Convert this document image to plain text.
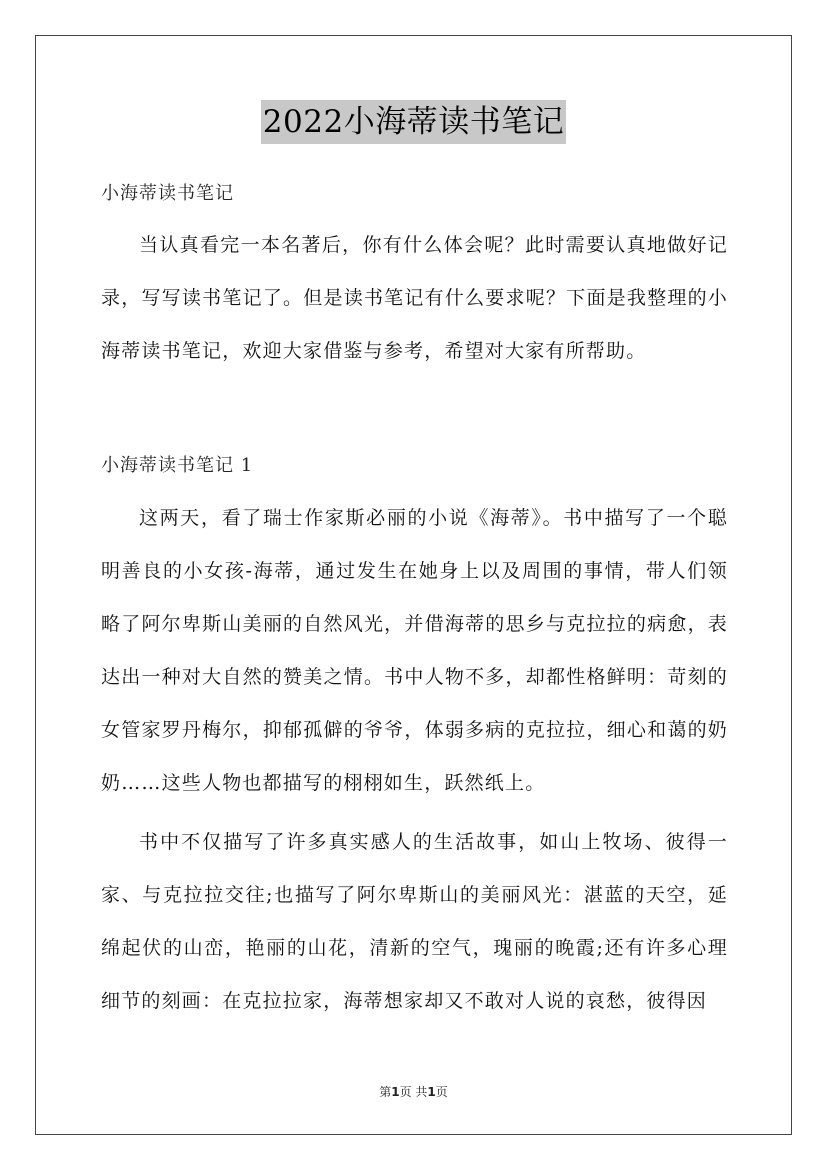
2022小海蒂读书笔记
小海蒂读书笔记

当认真看完一本名著后，你有什么体会呢？此时需要认真地做好记录，写写读书笔记了。但是读书笔记有什么要求呢？下面是我整理的小海蒂读书笔记，欢迎大家借鉴与参考，希望对大家有所帮助。

小海蒂读书笔记 1

这两天，看了瑞士作家斯必丽的小说《海蒂》。书中描写了一个聪明善良的小女孩-海蒂，通过发生在她身上以及周围的事情，带人们领略了阿尔卑斯山美丽的自然风光，并借海蒂的思乡与克拉拉的病愈，表达出一种对大自然的赞美之情。书中人物不多，却都性格鲜明：苛刻的女管家罗丹梅尔，抑郁孤僻的爷爷，体弱多病的克拉拉，细心和蔼的奶奶……这些人物也都描写的栩栩如生，跃然纸上。

书中不仅描写了许多真实感人的生活故事，如山上牧场、彼得一家、与克拉拉交往;也描写了阿尔卑斯山的美丽风光：湛蓝的天空，延绵起伏的山峦，艳丽的山花，清新的空气，瑰丽的晚霞;还有许多心理细节的刻画：在克拉拉家，海蒂想家却又不敢对人说的哀愁，彼得因

第1页 共1页
